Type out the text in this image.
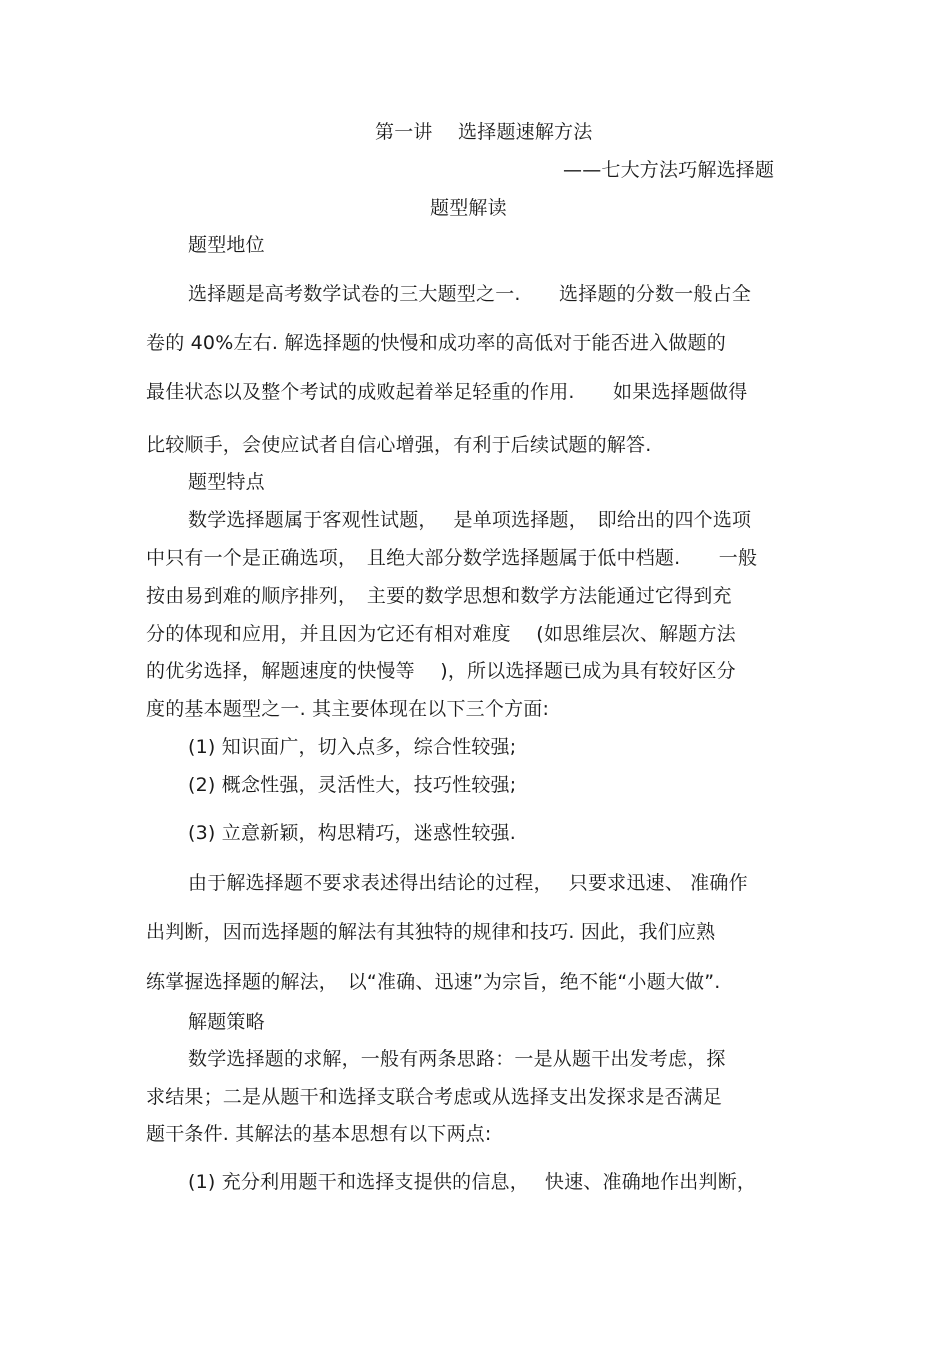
第一讲　 选择题速解方法
——七大方法巧解选择题
题型解读
题型地位
选择题是高考数学试卷的三大题型之一.　　选择题的分数一般占全
卷的 40%左右. 解选择题的快慢和成功率的高低对于能否进入做题的
最佳状态以及整个考试的成败起着举足轻重的作用.　　如果选择题做得
比较顺手，会使应试者自信心增强，有利于后续试题的解答.
题型特点
数学选择题属于客观性试题，　 是单项选择题，　即给出的四个选项
中只有一个是正确选项，　且绝大部分数学选择题属于低中档题.　　一般
按由易到难的顺序排列，　主要的数学思想和数学方法能通过它得到充
分的体现和应用，并且因为它还有相对难度　 (如思维层次、解题方法
的优劣选择，解题速度的快慢等　 )，所以选择题已成为具有较好区分
度的基本题型之一. 其主要体现在以下三个方面:
(1) 知识面广，切入点多，综合性较强;
(2) 概念性强，灵活性大，技巧性较强;
(3) 立意新颖，构思精巧，迷惑性较强.
由于解选择题不要求表述得出结论的过程，　 只要求迅速、 准确作
出判断，因而选择题的解法有其独特的规律和技巧. 因此，我们应熟
练掌握选择题的解法，　以“准确、迅速”为宗旨，绝不能“小题大做”.
解题策略
数学选择题的求解，一般有两条思路：一是从题干出发考虑，探
求结果；二是从题干和选择支联合考虑或从选择支出发探求是否满足
题干条件. 其解法的基本思想有以下两点:
(1) 充分利用题干和选择支提供的信息，　 快速、准确地作出判断，
